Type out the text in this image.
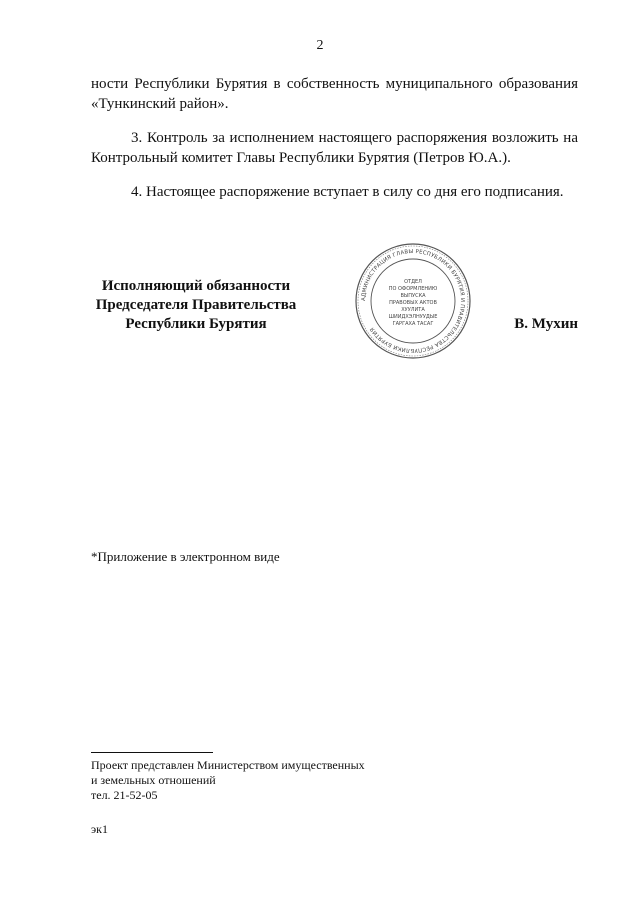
2

ности Республики Бурятия в собственность муниципального образования «Тункинский район».

3. Контроль за исполнением настоящего распоряжения возложить на Контрольный комитет Главы Республики Бурятия (Петров Ю.А.).

4. Настоящее распоряжение вступает в силу со дня его подписания.

Исполняющий обязанности
Председателя Правительства
Республики Бурятия
АДМИНИСТРАЦИЯ ГЛАВЫ РЕСПУБЛИКИ БУРЯТИЯ И ПРАВИТЕЛЬСТВА РЕСПУБЛИКИ БУРЯТИЯ
ОТДЕЛ
ПО ОФОРМЛЕНИЮ
ВЫПУСКА
ПРАВОВЫХ АКТОВ
ХУУЛИТА
ШИИДХЭЛНУУДЫЕ
ГАРГАХА ТАСАГ	В. Мухин
*Приложение в электронном виде
Проект представлен Министерством имущественных
и земельных отношений
тел. 21-52-05
эк1
